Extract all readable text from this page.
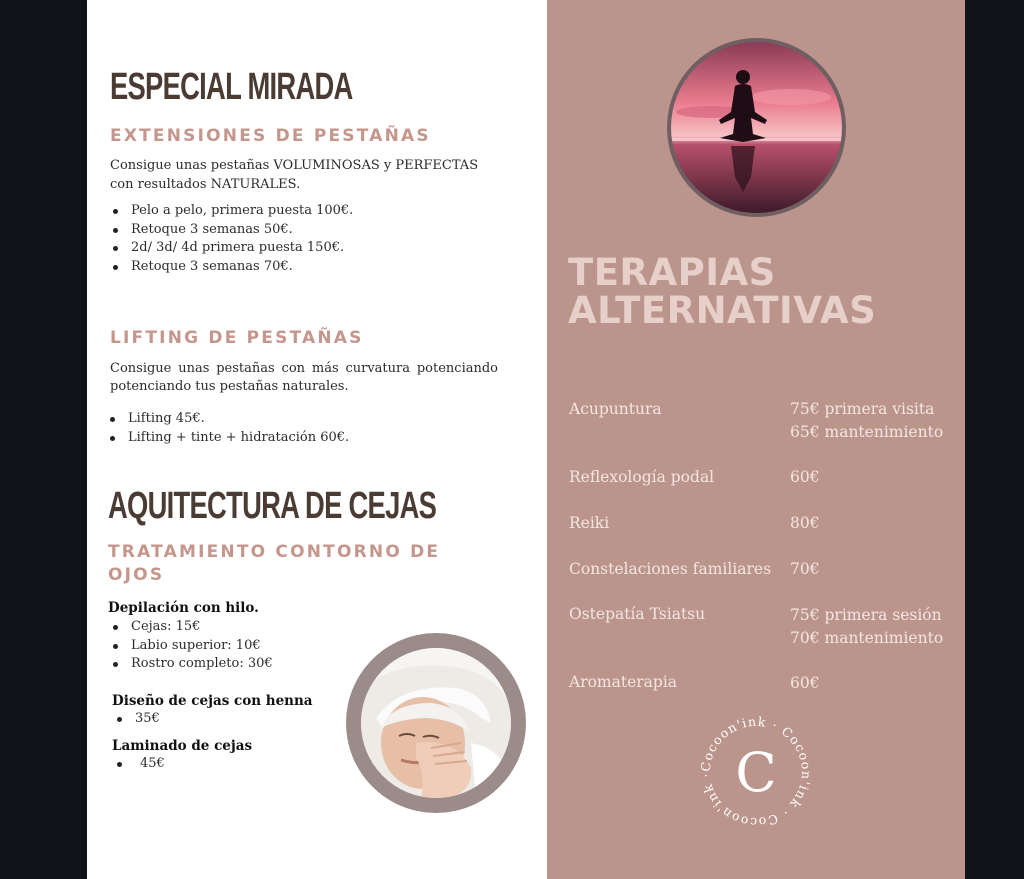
ESPECIAL MIRADA
EXTENSIONES DE PESTAÑAS
Consigue unas pestañas VOLUMINOSAS y PERFECTAS con resultados NATURALES.
Pelo a pelo, primera puesta 100€.
Retoque 3 semanas 50€.
2d/ 3d/ 4d primera puesta 150€.
Retoque 3 semanas 70€.
LIFTING DE PESTAÑAS
Consigue unas pestañas con más curvatura potenciando
potenciando tus pestañas naturales.
Lifting 45€.
Lifting + tinte + hidratación 60€.
AQUITECTURA DE CEJAS
TRATAMIENTO CONTORNO DE
OJOS
Depilación con hilo.
Cejas: 15€
Labio superior: 10€
Rostro completo: 30€
Diseño de cejas con henna
35€
Laminado de cejas
45€
TERAPIAS
ALTERNATIVAS
Acupuntura	75€ primera visita
65€ mantenimiento
Reflexología podal	60€
Reiki	80€
Constelaciones familiares 70€
Ostepatía Tsiatsu	75€ primera sesión
70€ mantenimiento
Aromaterapia	60€
Cocoon'ink · Cocoon'ink · Cocoon'ink · C
